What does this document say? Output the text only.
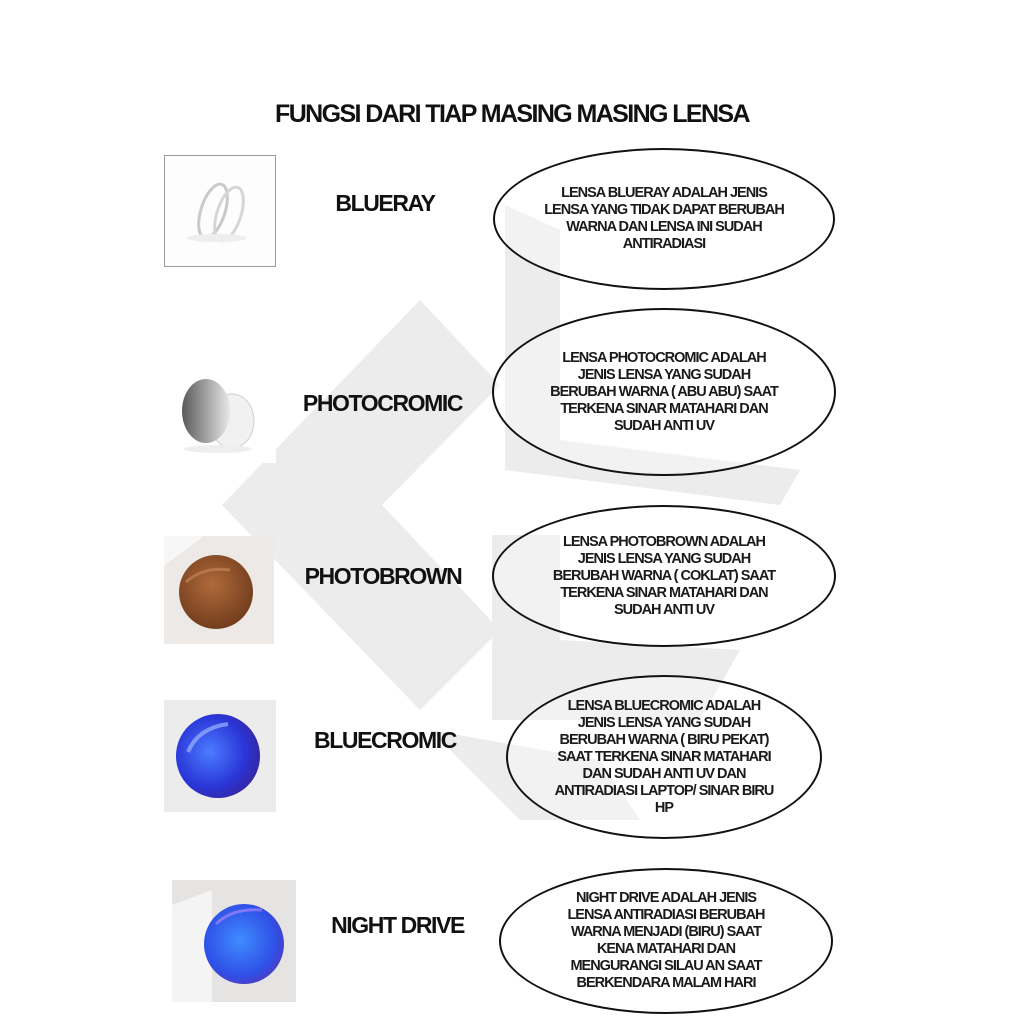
FUNGSI DARI TIAP MASING MASING LENSA
BLUERAY	LENSA BLUERAY ADALAH JENIS
LENSA YANG TIDAK DAPAT BERUBAH
WARNA DAN LENSA INI SUDAH
ANTIRADIASI
PHOTOCROMIC
LENSA PHOTOCROMIC ADALAH
JENIS LENSA YANG SUDAH
BERUBAH WARNA ( ABU ABU) SAAT
TERKENA SINAR MATAHARI DAN
SUDAH ANTI UV
PHOTOBROWN
LENSA PHOTOBROWN ADALAH
JENIS LENSA YANG SUDAH
BERUBAH WARNA ( COKLAT) SAAT
TERKENA SINAR MATAHARI DAN
SUDAH ANTI UV
BLUECROMIC
LENSA BLUECROMIC ADALAH
JENIS LENSA YANG SUDAH
BERUBAH WARNA ( BIRU PEKAT)
SAAT TERKENA SINAR MATAHARI
DAN SUDAH ANTI UV DAN
ANTIRADIASI LAPTOP/ SINAR BIRU
HP
NIGHT DRIVE
NIGHT DRIVE ADALAH JENIS
LENSA ANTIRADIASI BERUBAH
WARNA MENJADI (BIRU) SAAT
KENA MATAHARI DAN
MENGURANGI SILAU AN SAAT
BERKENDARA MALAM HARI
